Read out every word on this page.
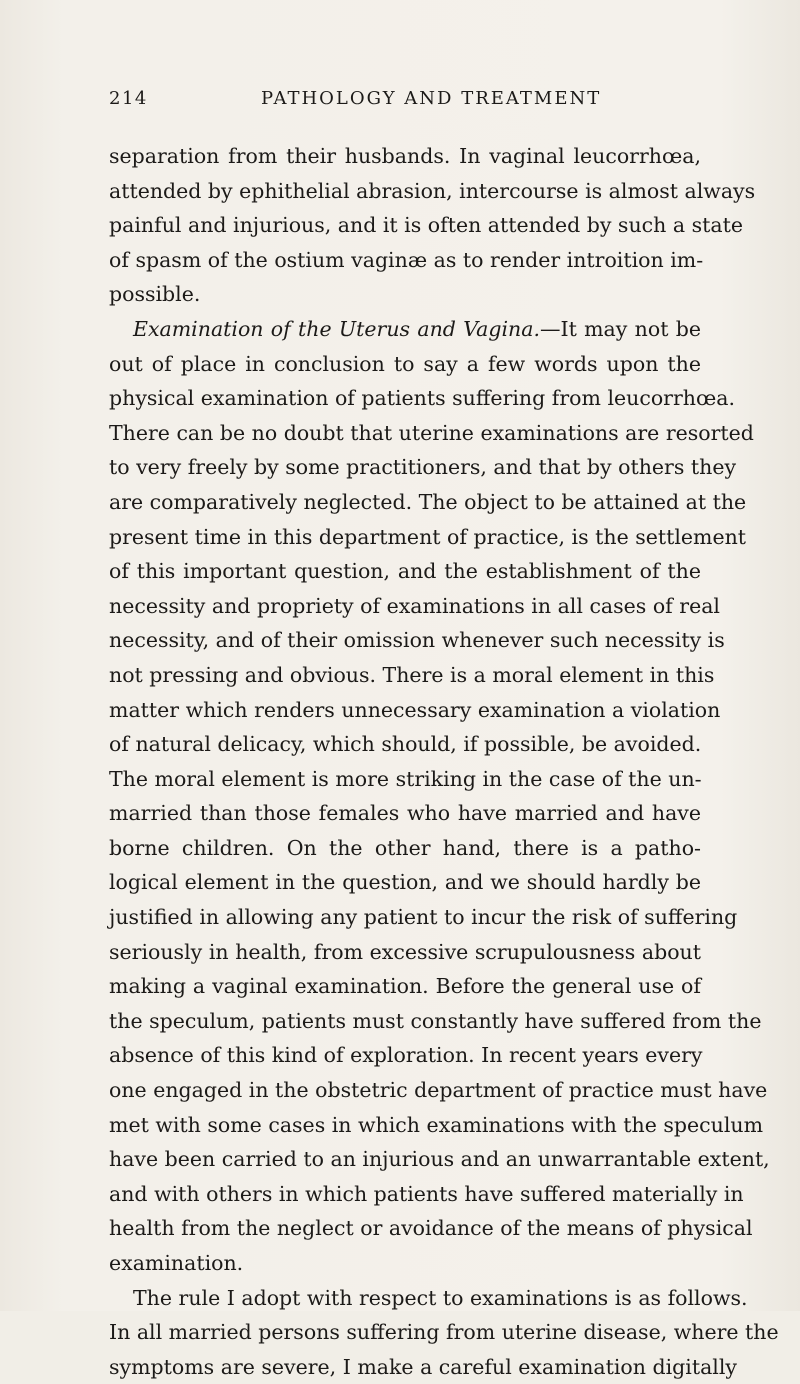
214	PATHOLOGY AND TREATMENT
separation from their husbands. In vaginal leucorrhœa,
attended by ephithelial abrasion, intercourse is almost always
painful and injurious, and it is often attended by such a state
of spasm of the ostium vaginæ as to render introition im-
possible.
Examination of the Uterus and Vagina.—It may not be
out of place in conclusion to say a few words upon the
physical examination of patients suffering from leucorrhœa.
There can be no doubt that uterine examinations are resorted
to very freely by some practitioners, and that by others they
are comparatively neglected. The object to be attained at the
present time in this department of practice, is the settlement
of this important question, and the establishment of the
necessity and propriety of examinations in all cases of real
necessity, and of their omission whenever such necessity is
not pressing and obvious. There is a moral element in this
matter which renders unnecessary examination a violation
of natural delicacy, which should, if possible, be avoided.
The moral element is more striking in the case of the un-
married than those females who have married and have
borne children. On the other hand, there is a patho-
logical element in the question, and we should hardly be
justified in allowing any patient to incur the risk of suffering
seriously in health, from excessive scrupulousness about
making a vaginal examination. Before the general use of
the speculum, patients must constantly have suffered from the
absence of this kind of exploration. In recent years every
one engaged in the obstetric department of practice must have
met with some cases in which examinations with the speculum
have been carried to an injurious and an unwarrantable extent,
and with others in which patients have suffered materially in
health from the neglect or avoidance of the means of physical
examination.
The rule I adopt with respect to examinations is as follows.
In all married persons suffering from uterine disease, where the
symptoms are severe, I make a careful examination digitally
